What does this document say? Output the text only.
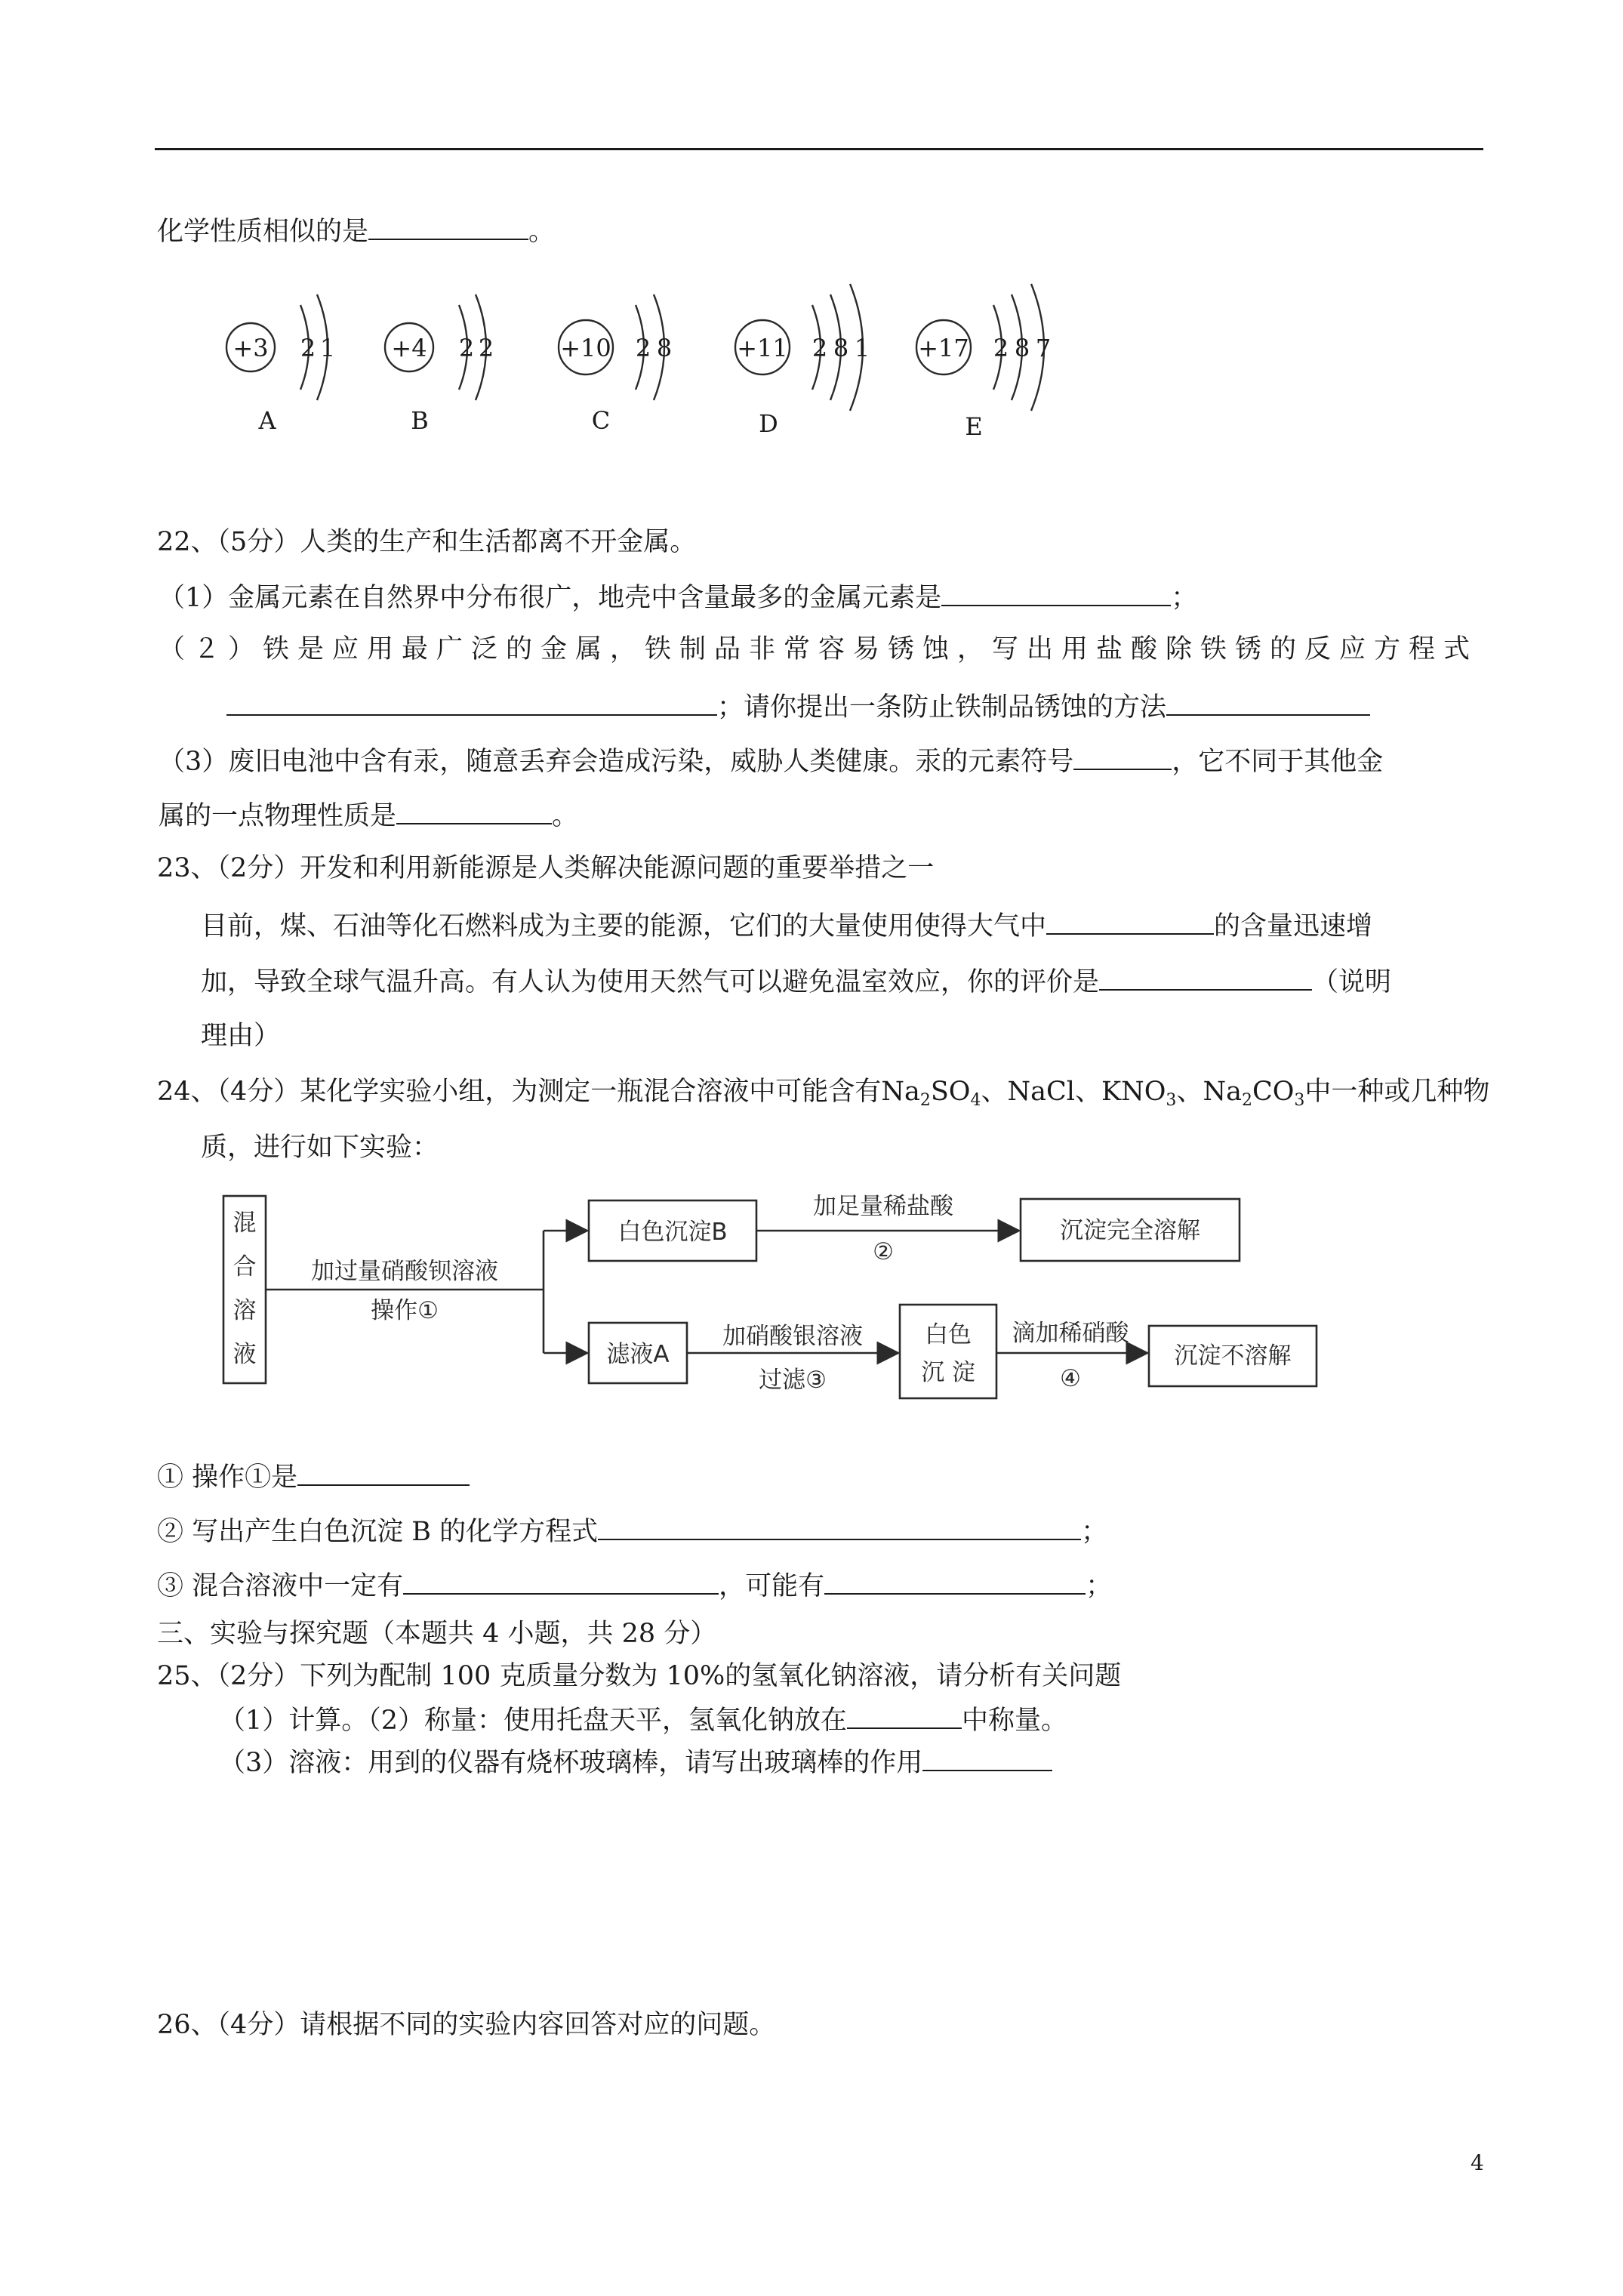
化学性质相似的是	。
+3 2 1
A
+4 2 2
B
+10 2 8
C
+11 2 8 1
D
+17 2 8 7
E
22、（5分）人类的生产和生活都离不开金属。
（1）金属元素在自然界中分布很广，地壳中含量最多的金属元素是	；
（２）铁是应用最广泛的金属，铁制品非常容易锈蚀，写出用盐酸除铁锈的反应方程式
；请你提出一条防止铁制品锈蚀的方法
（3）废旧电池中含有汞，随意丢弃会造成污染，威胁人类健康。汞的元素符号	，它不同于其他金
属的一点物理性质是	。
23、（2分）开发和利用新能源是人类解决能源问题的重要举措之一
目前，煤、石油等化石燃料成为主要的能源，它们的大量使用使得大气中	的含量迅速增
加，导致全球气温升高。有人认为使用天然气可以避免温室效应，你的评价是	（说明
理由）
24、（4分）某化学实验小组，为测定一瓶混合溶液中可能含有$Na_2SO_4$、NaCl、$KNO_3$、$Na_2CO_3$中一种或几种物
质，进行如下实验：
混合溶液
加过量硝酸钡溶液
操作①
白色沉淀B
加足量稀盐酸
②
沉淀完全溶解
滤液A
加硝酸银溶液
过滤③
白色
沉 淀
滴加稀硝酸
④
沉淀不溶解
① 操作①是
② 写出产生白色沉淀 B 的化学方程式	；
③ 混合溶液中一定有	，可能有	；
三、实验与探究题（本题共 4 小题，共 28 分）
25、（2分）下列为配制 100 克质量分数为 10%的氢氧化钠溶液，请分析有关问题
（1）计算。（2）称量：使用托盘天平，氢氧化钠放在	中称量。
（3）溶液：用到的仪器有烧杯玻璃棒，请写出玻璃棒的作用
26、（4分）请根据不同的实验内容回答对应的问题。
4
